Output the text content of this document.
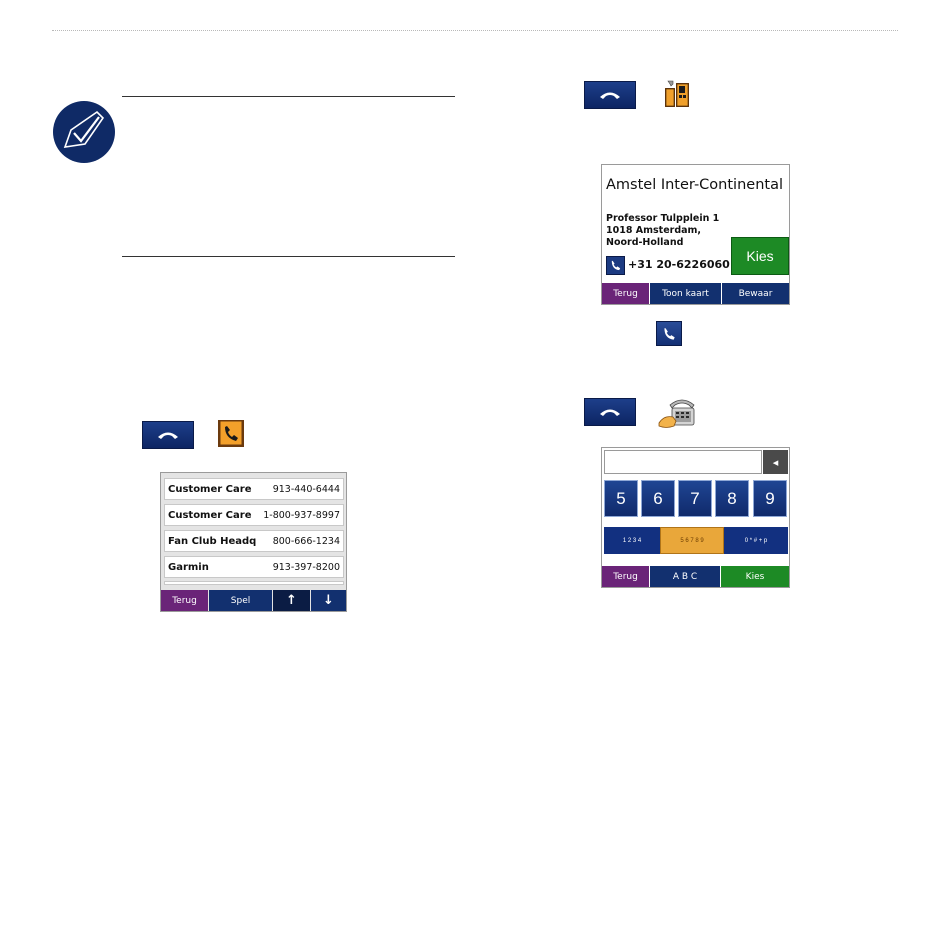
Customer Care 913-440-6444
Customer Care 1-800-937-8997
Fan Club Headq 800-666-1234
Garmin	913-397-8200
Terug	Spel	↑	↓
Amstel Inter-Continental
Professor Tulpplein 1
1018 Amsterdam,
Noord-Holland
+31 20-6226060
Kies
Terug	Toon kaart	Bewaar
◂
5	6	7	8	9
1 2 3 4	5 6 7 8 9	0 * # + p
Terug	A B C	Kies
